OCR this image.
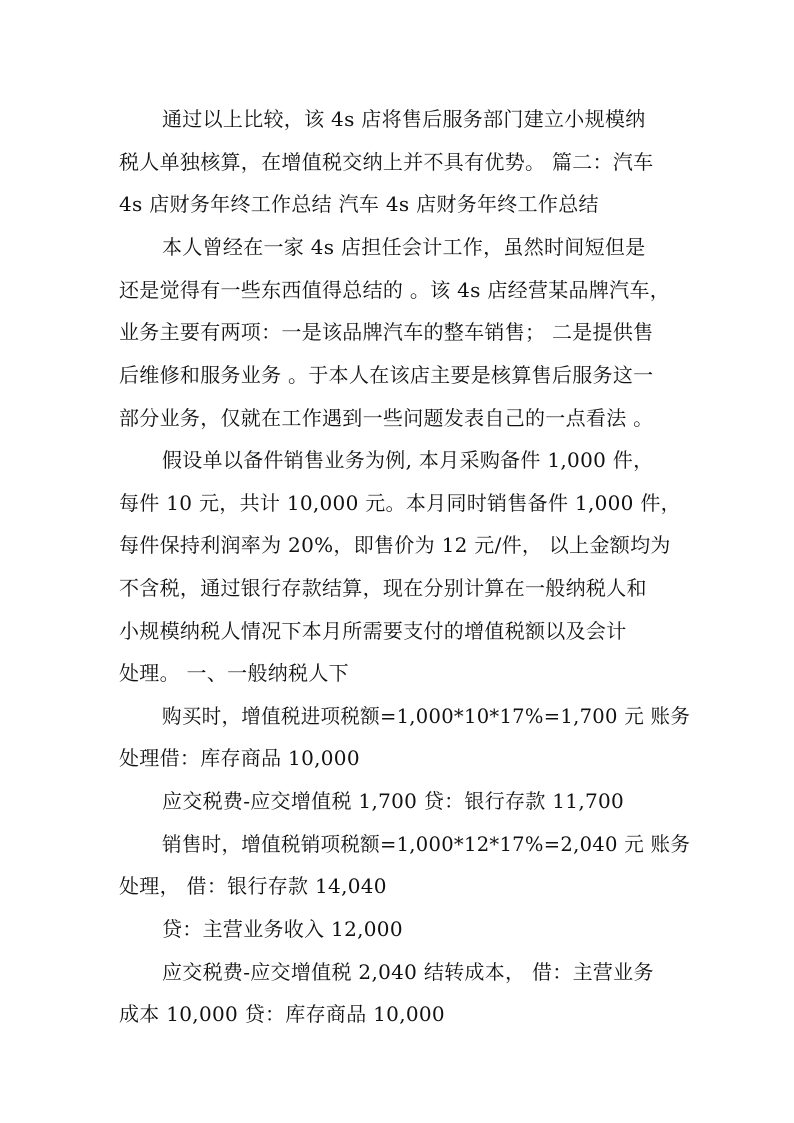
通过以上比较，该 4s 店将售后服务部门建立小规模纳
税人单独核算，在增值税交纳上并不具有优势。 篇二：汽车
4s 店财务年终工作总结 汽车 4s 店财务年终工作总结
本人曾经在一家 4s 店担任会计工作，虽然时间短但是
还是觉得有一些东西值得总结的 。该 4s 店经营某品牌汽车，
业务主要有两项：一是该品牌汽车的整车销售； 二是提供售
后维修和服务业务 。于本人在该店主要是核算售后服务这一
部分业务，仅就在工作遇到一些问题发表自己的一点看法 。
假设单以备件销售业务为例, 本月采购备件 1,000 件，
每件 10 元，共计 10,000 元。本月同时销售备件 1,000 件，
每件保持利润率为 20%，即售价为 12 元/件， 以上金额均为
不含税，通过银行存款结算，现在分别计算在一般纳税人和
小规模纳税人情况下本月所需要支付的增值税额以及会计
处理。 一、一般纳税人下
购买时，增值税进项税额=1,000*10*17%=1,700 元 账务
处理借：库存商品 10,000
应交税费-应交增值税 1,700 贷：银行存款 11,700
销售时，增值税销项税额=1,000*12*17%=2,040 元 账务
处理， 借：银行存款 14,040
贷：主营业务收入 12,000
应交税费-应交增值税 2,040 结转成本， 借：主营业务
成本 10,000 贷：库存商品 10,000
